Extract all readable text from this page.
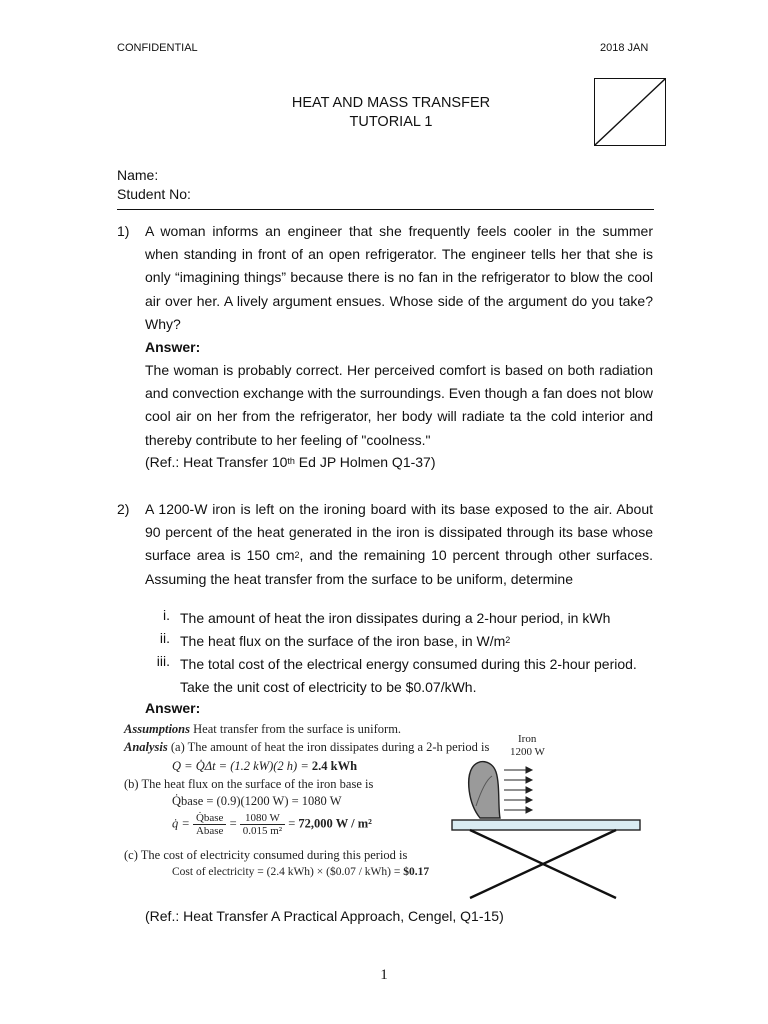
CONFIDENTIAL	2018 JAN
HEAT AND MASS TRANSFER
TUTORIAL 1
Name:
Student No:
1) A woman informs an engineer that she frequently feels cooler in the summer when standing in front of an open refrigerator. The engineer tells her that she is only “imagining things” because there is no fan in the refrigerator to blow the cool air over her. A lively argument ensues. Whose side of the argument do you take? Why?
Answer:
The woman is probably correct. Her perceived comfort is based on both radiation and convection exchange with the surroundings. Even though a fan does not blow cool air on her from the refrigerator, her body will radiate ta the cold interior and thereby contribute to her feeling of "coolness."
(Ref.: Heat Transfer 10th Ed JP Holmen Q1-37)
2) A 1200-W iron is left on the ironing board with its base exposed to the air. About 90 percent of the heat generated in the iron is dissipated through its base whose surface area is 150 $cm^2$, and the remaining 10 percent through other surfaces. Assuming the heat transfer from the surface to be uniform, determine
i. The amount of heat the iron dissipates during a 2-hour period, in kWh
ii. The heat flux on the surface of the iron base, in $W/m^2$
iii. The total cost of the electrical energy consumed during this 2-hour period. Take the unit cost of electricity to be $0.07/kWh.
Answer:
Assumptions Heat transfer from the surface is uniform.
Analysis (a) The amount of heat the iron dissipates during a 2-h period is
Q = Q̇Δt = (1.2 kW)(2 h) = 2.4 kWh
(b) The heat flux on the surface of the iron base is
Q̇base = (0.9)(1200 W) = 1080 W
q̇ = Q̇base
Abase
= $\frac{1080 W}{\text{0.015 m²}} = 72,000$ W / m²
(c) The cost of electricity consumed during this period is
Cost of electricity = (2.4 kWh) × ($0.07 / kWh) = $0.17
Iron
1200 W
(Ref.: Heat Transfer A Practical Approach, Cengel, Q1-15)
1
